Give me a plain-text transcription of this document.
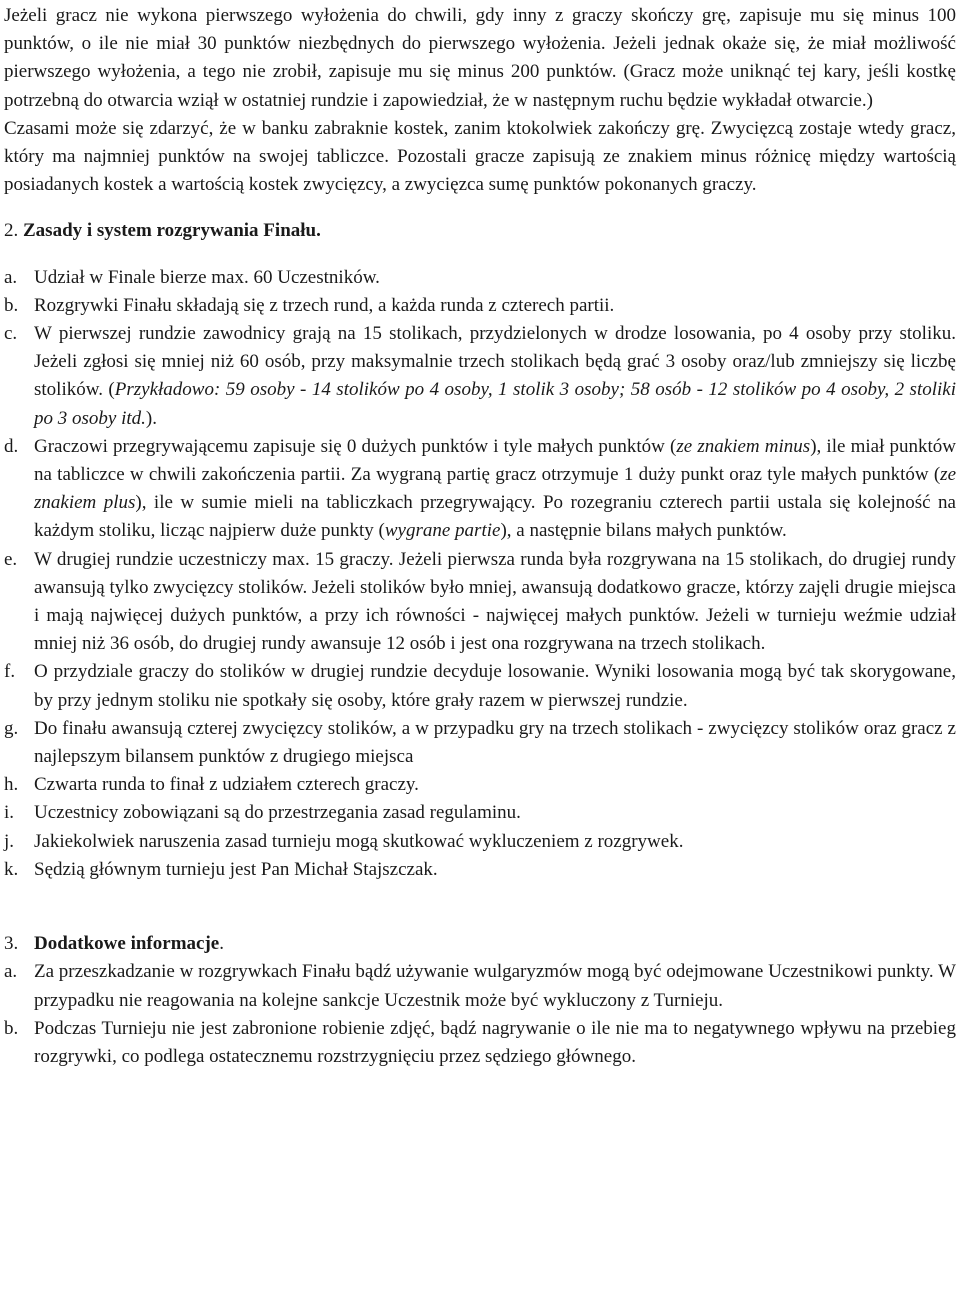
Jeżeli gracz nie wykona pierwszego wyłożenia do chwili, gdy inny z graczy skończy grę, zapisuje mu się minus 100 punktów, o ile nie miał 30 punktów niezbędnych do pierwszego wyłożenia. Jeżeli jednak okaże się, że miał możliwość pierwszego wyłożenia, a tego nie zrobił, zapisuje mu się minus 200 punktów. (Gracz może uniknąć tej kary, jeśli kostkę potrzebną do otwarcia wziął w ostatniej rundzie i zapowiedział, że w następnym ruchu będzie wykładał otwarcie.)

Czasami może się zdarzyć, że w banku zabraknie kostek, zanim ktokolwiek zakończy grę. Zwycięzcą zostaje wtedy gracz, który ma najmniej punktów na swojej tabliczce. Pozostali gracze zapisują ze znakiem minus różnicę między wartością posiadanych kostek a wartością kostek zwycięzcy, a zwycięzca sumę punktów pokonanych graczy.

2. Zasady i system rozgrywania Finału.

a. Udział w Finale bierze max. 60 Uczestników.
b. Rozgrywki Finału składają się z trzech rund, a każda runda z czterech partii.
c. W pierwszej rundzie zawodnicy grają na 15 stolikach, przydzielonych w drodze losowania, po 4 osoby przy stoliku. Jeżeli zgłosi się mniej niż 60 osób, przy maksymalnie trzech stolikach będą grać 3 osoby oraz/lub zmniejszy się liczbę stolików. (Przykładowo: 59 osoby - 14 stolików po 4 osoby, 1 stolik 3 osoby; 58 osób - 12 stolików po 4 osoby, 2 stoliki po 3 osoby itd.).
d. Graczowi przegrywającemu zapisuje się 0 dużych punktów i tyle małych punktów (ze znakiem minus), ile miał punktów na tabliczce w chwili zakończenia partii. Za wygraną partię gracz otrzymuje 1 duży punkt oraz tyle małych punktów (ze znakiem plus), ile w sumie mieli na tabliczkach przegrywający. Po rozegraniu czterech partii ustala się kolejność na każdym stoliku, licząc najpierw duże punkty (wygrane partie), a następnie bilans małych punktów.
e. W drugiej rundzie uczestniczy max. 15 graczy. Jeżeli pierwsza runda była rozgrywana na 15 stolikach, do drugiej rundy awansują tylko zwycięzcy stolików. Jeżeli stolików było mniej, awansują dodatkowo gracze, którzy zajęli drugie miejsca i mają najwięcej dużych punktów, a przy ich równości - najwięcej małych punktów. Jeżeli w turnieju weźmie udział mniej niż 36 osób, do drugiej rundy awansuje 12 osób i jest ona rozgrywana na trzech stolikach.
f. O przydziale graczy do stolików w drugiej rundzie decyduje losowanie. Wyniki losowania mogą być tak skorygowane, by przy jednym stoliku nie spotkały się osoby, które grały razem w pierwszej rundzie.
g. Do finału awansują czterej zwycięzcy stolików, a w przypadku gry na trzech stolikach - zwycięzcy stolików oraz gracz z najlepszym bilansem punktów z drugiego miejsca
h. Czwarta runda to finał z udziałem czterech graczy.
i.	Uczestnicy zobowiązani są do przestrzegania zasad regulaminu.
j.	Jakiekolwiek naruszenia zasad turnieju mogą skutkować wykluczeniem z rozgrywek.
k. Sędzią głównym turnieju jest Pan Michał Stajszczak.
3. Dodatkowe informacje.
a. Za przeszkadzanie w rozgrywkach Finału bądź używanie wulgaryzmów mogą być odejmowane Uczestnikowi punkty. W przypadku nie reagowania na kolejne sankcje Uczestnik może być wykluczony z Turnieju.
b. Podczas Turnieju nie jest zabronione robienie zdjęć, bądź nagrywanie o ile nie ma to negatywnego wpływu na przebieg rozgrywki, co podlega ostatecznemu rozstrzygnięciu przez sędziego głównego.
